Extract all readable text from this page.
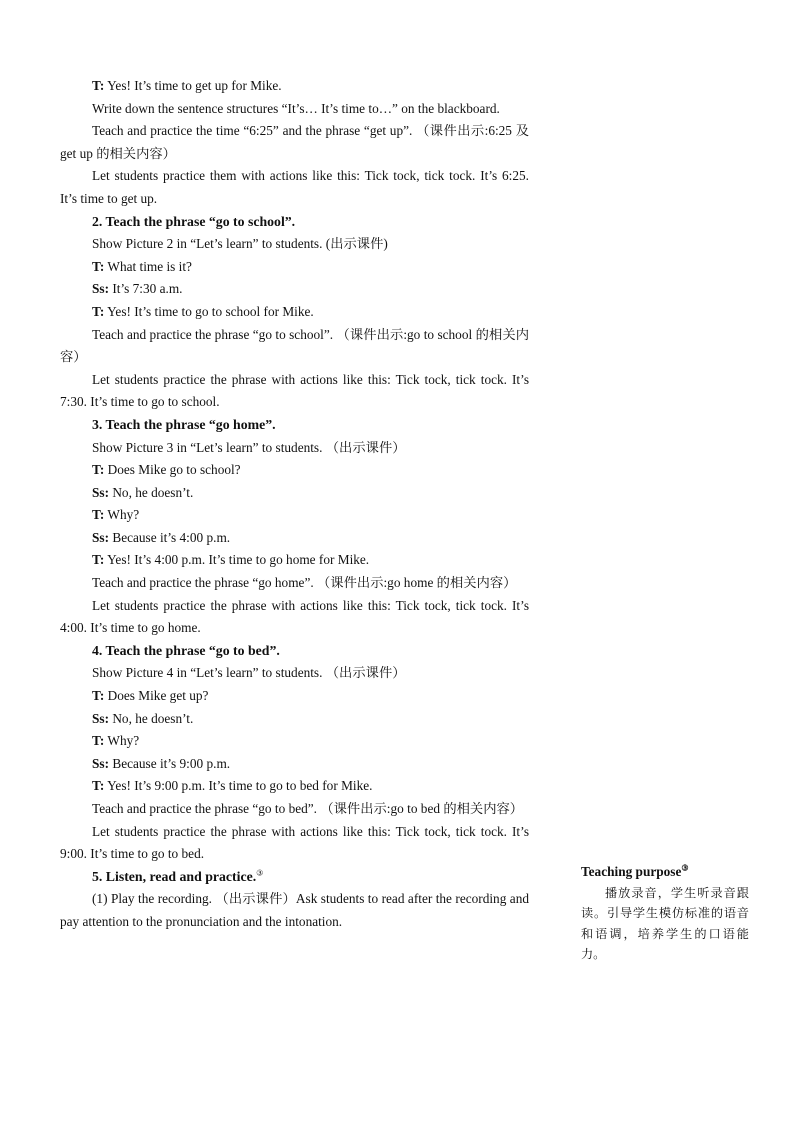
T: Yes! It’s time to get up for Mike.

Write down the sentence structures “It’s… It’s time to…” on the blackboard.

Teach and practice the time “6:25” and the phrase “get up”. （课件出示:6:25 及 get up 的相关内容）

Let students practice them with actions like this: Tick tock, tick tock. It’s 6:25. It’s time to get up.

2. Teach the phrase “go to school”.

Show Picture 2 in “Let’s learn” to students. (出示课件)

T: What time is it?

Ss: It’s 7:30 a.m.

T: Yes! It’s time to go to school for Mike.

Teach and practice the phrase “go to school”. （课件出示:go to school 的相关内容）

Let students practice the phrase with actions like this: Tick tock, tick tock. It’s 7:30. It’s time to go to school.

3. Teach the phrase “go home”.

Show Picture 3 in “Let’s learn” to students. （出示课件）

T: Does Mike go to school?

Ss: No, he doesn’t.

T: Why?

Ss: Because it’s 4:00 p.m.

T: Yes! It’s 4:00 p.m. It’s time to go home for Mike.

Teach and practice the phrase “go home”. （课件出示:go home 的相关内容）

Let students practice the phrase with actions like this: Tick tock, tick tock. It’s 4:00. It’s time to go home.

4. Teach the phrase “go to bed”.

Show Picture 4 in “Let’s learn” to students. （出示课件）

T: Does Mike get up?

Ss: No, he doesn’t.

T: Why?

Ss: Because it’s 9:00 p.m.

T: Yes! It’s 9:00 p.m. It’s time to go to bed for Mike.

Teach and practice the phrase “go to bed”. （课件出示:go to bed 的相关内容）

Let students practice the phrase with actions like this: Tick tock, tick tock. It’s 9:00. It’s time to go to bed.

5. Listen, read and practice.③

(1) Play the recording. （出示课件）Ask students to read after the recording and pay attention to the pronunciation and the intonation.

Teaching purpose③

播放录音，学生听录音跟读。引导学生模仿标准的语音和语调，培养学生的口语能力。
